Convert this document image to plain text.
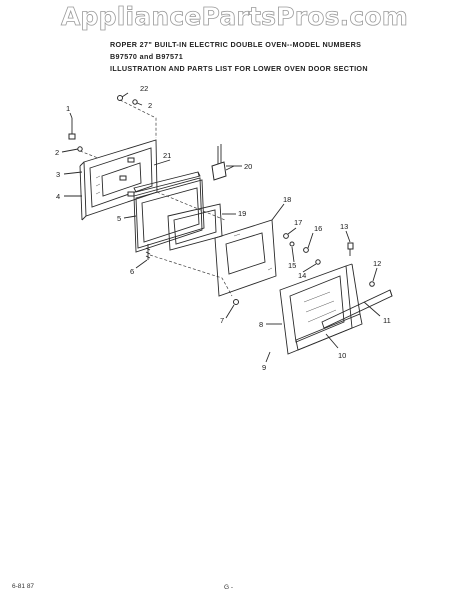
AppliancePartsPros.com
ROPER 27" BUILT-IN ELECTRIC DOUBLE OVEN--MODEL NUMBERS
B97570 and B97571
ILLUSTRATION AND PARTS LIST FOR LOWER OVEN DOOR SECTION
1
2
2
3
4
5
6
7	8
9
10
11
12
13
14
15
16
17
18
19
20
21
22
6-81 87	G -
